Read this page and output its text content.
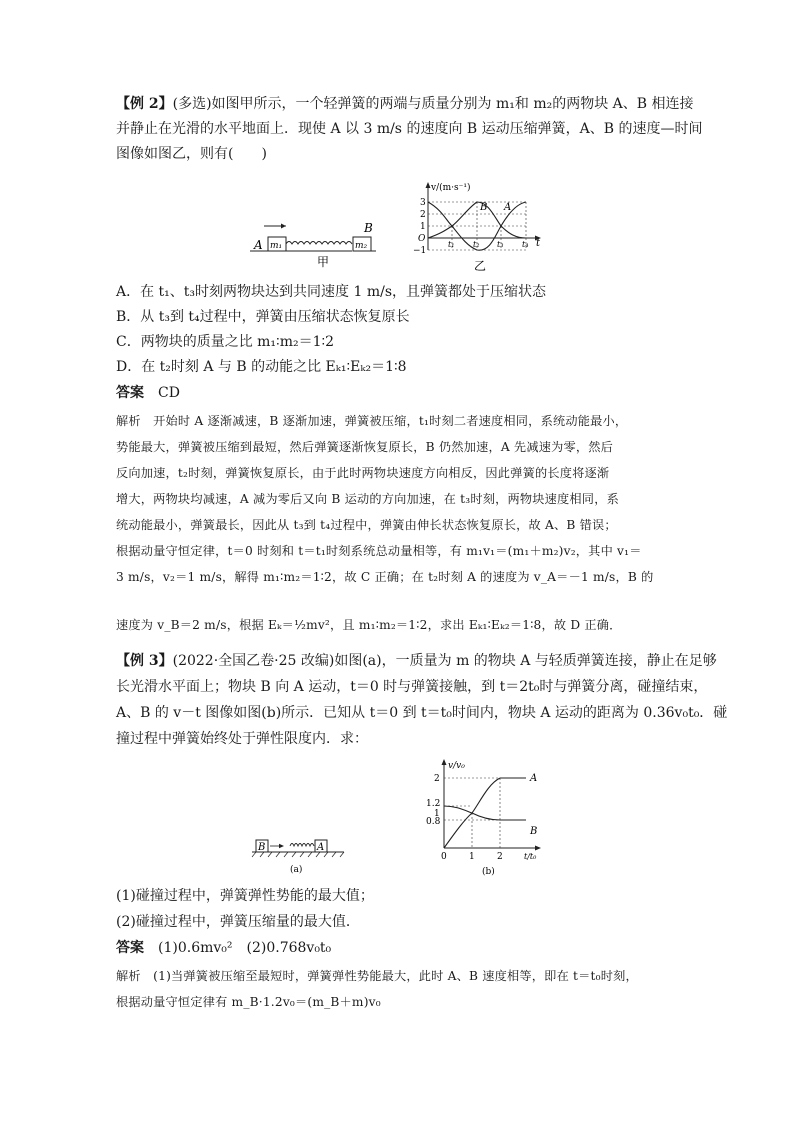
【例 2】(多选)如图甲所示，一个轻弹簧的两端与质量分别为 m₁和 m₂的两物块 A、B 相连接
并静止在光滑的水平地面上．现使 A 以 3 m/s 的速度向 B 运动压缩弹簧，A、B 的速度—时间
图像如图乙，则有(　　)
A m₁
B
m₂
甲
v/(m·s⁻¹)
3
2
1
O
−1
t₁ t₂ t₃ t₄ t
B A
乙
A．在 t₁、t₃时刻两物块达到共同速度 1 m/s，且弹簧都处于压缩状态
B．从 t₃到 t₄过程中，弹簧由压缩状态恢复原长
C．两物块的质量之比 m₁∶m₂＝1∶2
D．在 t₂时刻 A 与 B 的动能之比 Eₖ₁∶Eₖ₂＝1∶8
答案　 CD
解析　开始时 A 逐渐减速，B 逐渐加速，弹簧被压缩，t₁时刻二者速度相同，系统动能最小，
势能最大，弹簧被压缩到最短，然后弹簧逐渐恢复原长，B 仍然加速，A 先减速为零，然后
反向加速，t₂时刻，弹簧恢复原长，由于此时两物块速度方向相反，因此弹簧的长度将逐渐
增大，两物块均减速，A 减为零后又向 B 运动的方向加速，在 t₃时刻，两物块速度相同，系
统动能最小，弹簧最长，因此从 t₃到 t₄过程中，弹簧由伸长状态恢复原长，故 A、B 错误；
根据动量守恒定律，t＝0 时刻和 t＝t₁时刻系统总动量相等，有 m₁v₁＝(m₁＋m₂)v₂，其中 v₁＝
3 m/s，v₂＝1 m/s，解得 m₁∶m₂＝1∶2，故 C 正确；在 t₂时刻 A 的速度为 v_A＝－1 m/s，B 的
速度为 v_B＝2 m/s，根据 Eₖ＝½mv²，且 m₁∶m₂＝1∶2，求出 Eₖ₁∶Eₖ₂＝1∶8，故 D 正确．
【例 3】(2022·全国乙卷·25 改编)如图(a)，一质量为 m 的物块 A 与轻质弹簧连接，静止在足够
长光滑水平面上；物块 B 向 A 运动，t＝0 时与弹簧接触，到 t＝2t₀时与弹簧分离，碰撞结束，
A、B 的 v－t 图像如图(b)所示．已知从 t＝0 到 t＝t₀时间内，物块 A 运动的距离为 0.36v₀t₀．碰
撞过程中弹簧始终处于弹性限度内．求：
B	A
(a)
v/v₀
2
1.2
1
0.8
0 1 2	t/t₀
A
B
(b)
(1)碰撞过程中，弹簧弹性势能的最大值；
(2)碰撞过程中，弹簧压缩量的最大值．
答案　 (1)0.6mv₀²　(2)0.768v₀t₀
解析　(1)当弹簧被压缩至最短时，弹簧弹性势能最大，此时 A、B 速度相等，即在 t＝t₀时刻，
根据动量守恒定律有 m_B·1.2v₀＝(m_B＋m)v₀
